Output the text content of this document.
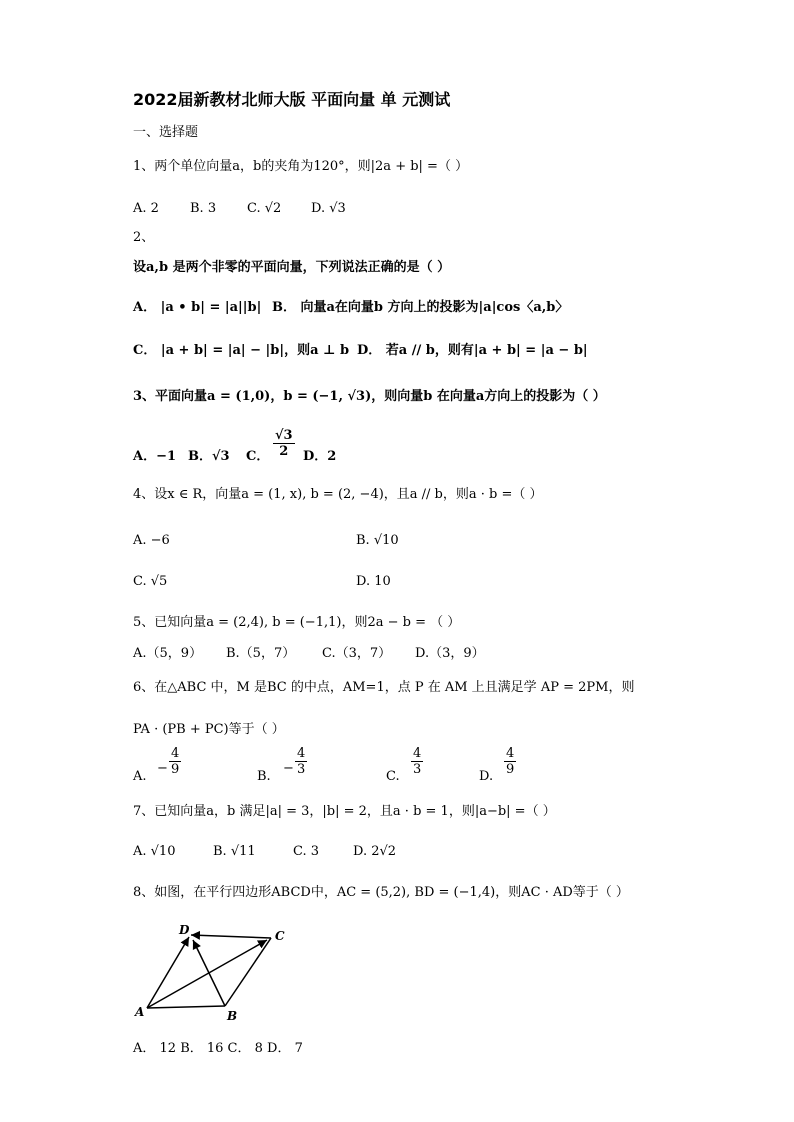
2022届新教材北师大版 平面向量 单 元测试
一、选择题
1、两个单位向量a，b的夹角为120°，则|2a + b| =（ ）
A. 2 B. 3 C. √2 D. √3
2、
设a,b 是两个非零的平面向量，下列说法正确的是（ ）
A． |a • b| = |a||b| B． 向量a在向量b 方向上的投影为|a|cos〈a,b〉
C． |a + b| = |a| − |b|，则a ⊥ b D． 若a // b，则有|a + b| = |a − b|
3、平面向量a = (1,0)，b = (−1, √3)，则向量b 在向量a方向上的投影为（ ）
A．−1 B．√3 C． $\frac{√3}{2}$ D．2
4、设x ∈ R，向量a = (1, x), b = (2, −4)，且a // b，则a · b =（ ）
A. −6	B. √10
C. √5	D. 10
5、已知向量a = (2,4), b = (−1,1)，则2a − b = （ ）
A.（5，9） B.（5，7） C.（3，7） D.（3，9）
6、在△ABC 中，M 是BC 的中点，AM=1，点 P 在 AM 上且满足学 AP = 2PM，则
PA · (PB + PC)等于（ ）
A.
− $\frac{4}{9}$	B.
− $\frac{4}{3}$	C. $\frac{4}{3}$	D. $\frac{4}{9}$
7、已知向量a，b 满足|a| = 3，|b| = 2，且a · b = 1，则|a−b| =（ ）
A. √10	B. √11	C. 3	D. 2√2
8、如图，在平行四边形ABCD中，AC = (5,2), BD = (−1,4)，则AC · AD等于（ ）
D	C
A	B
A． 12 B． 16 C． 8 D． 7
